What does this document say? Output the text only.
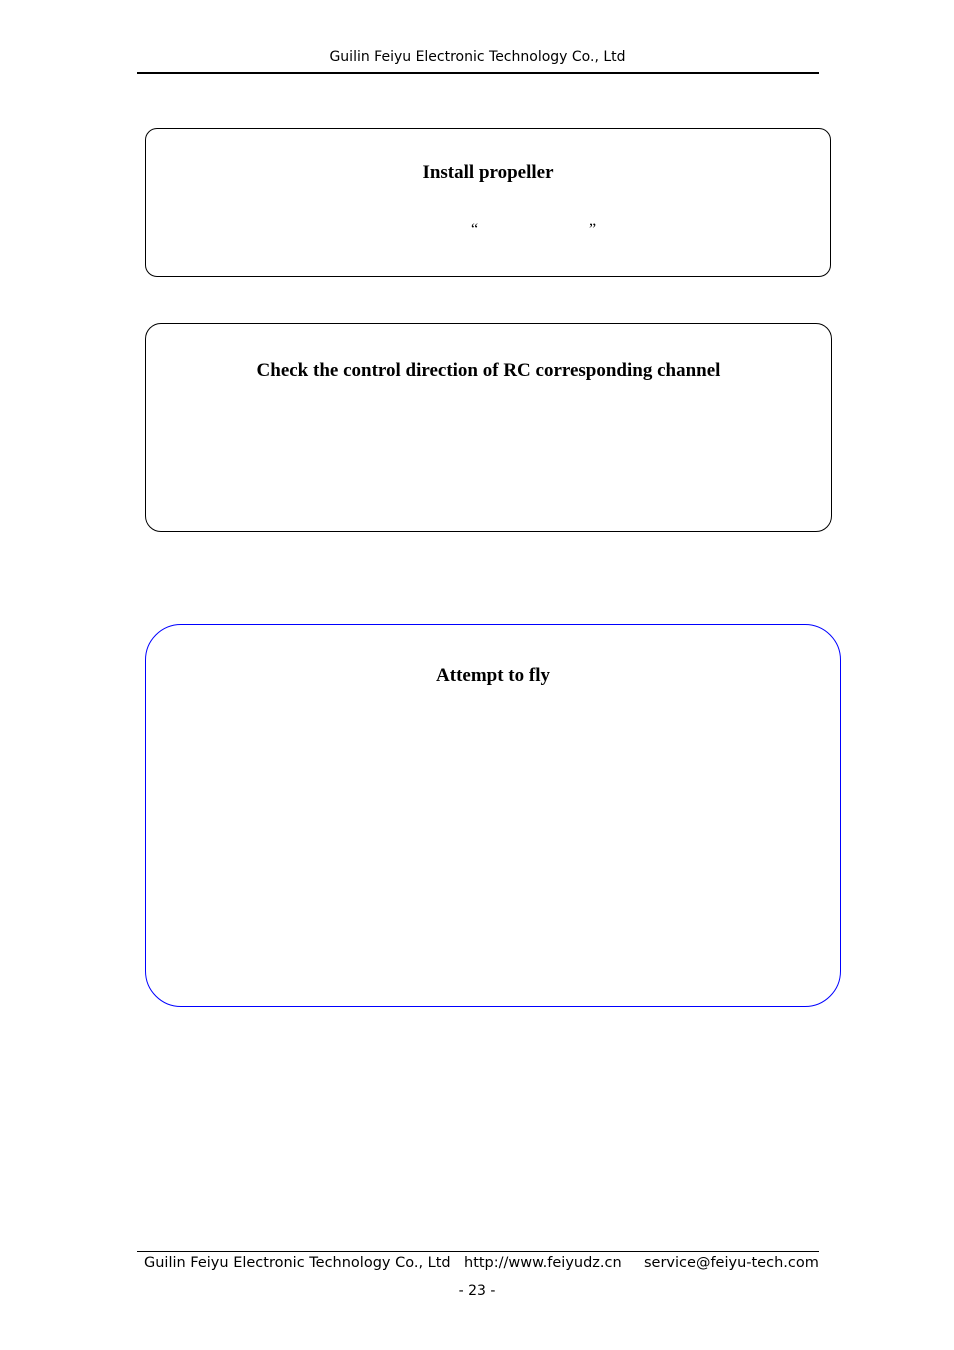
Guilin Feiyu Electronic Technology Co., Ltd
Install propeller
“	”
Check the control direction of RC corresponding channel
Attempt to fly
Guilin Feiyu Electronic Technology Co., Ltd http://www.feiyudz.cn service@feiyu-tech.com
- 23 -
